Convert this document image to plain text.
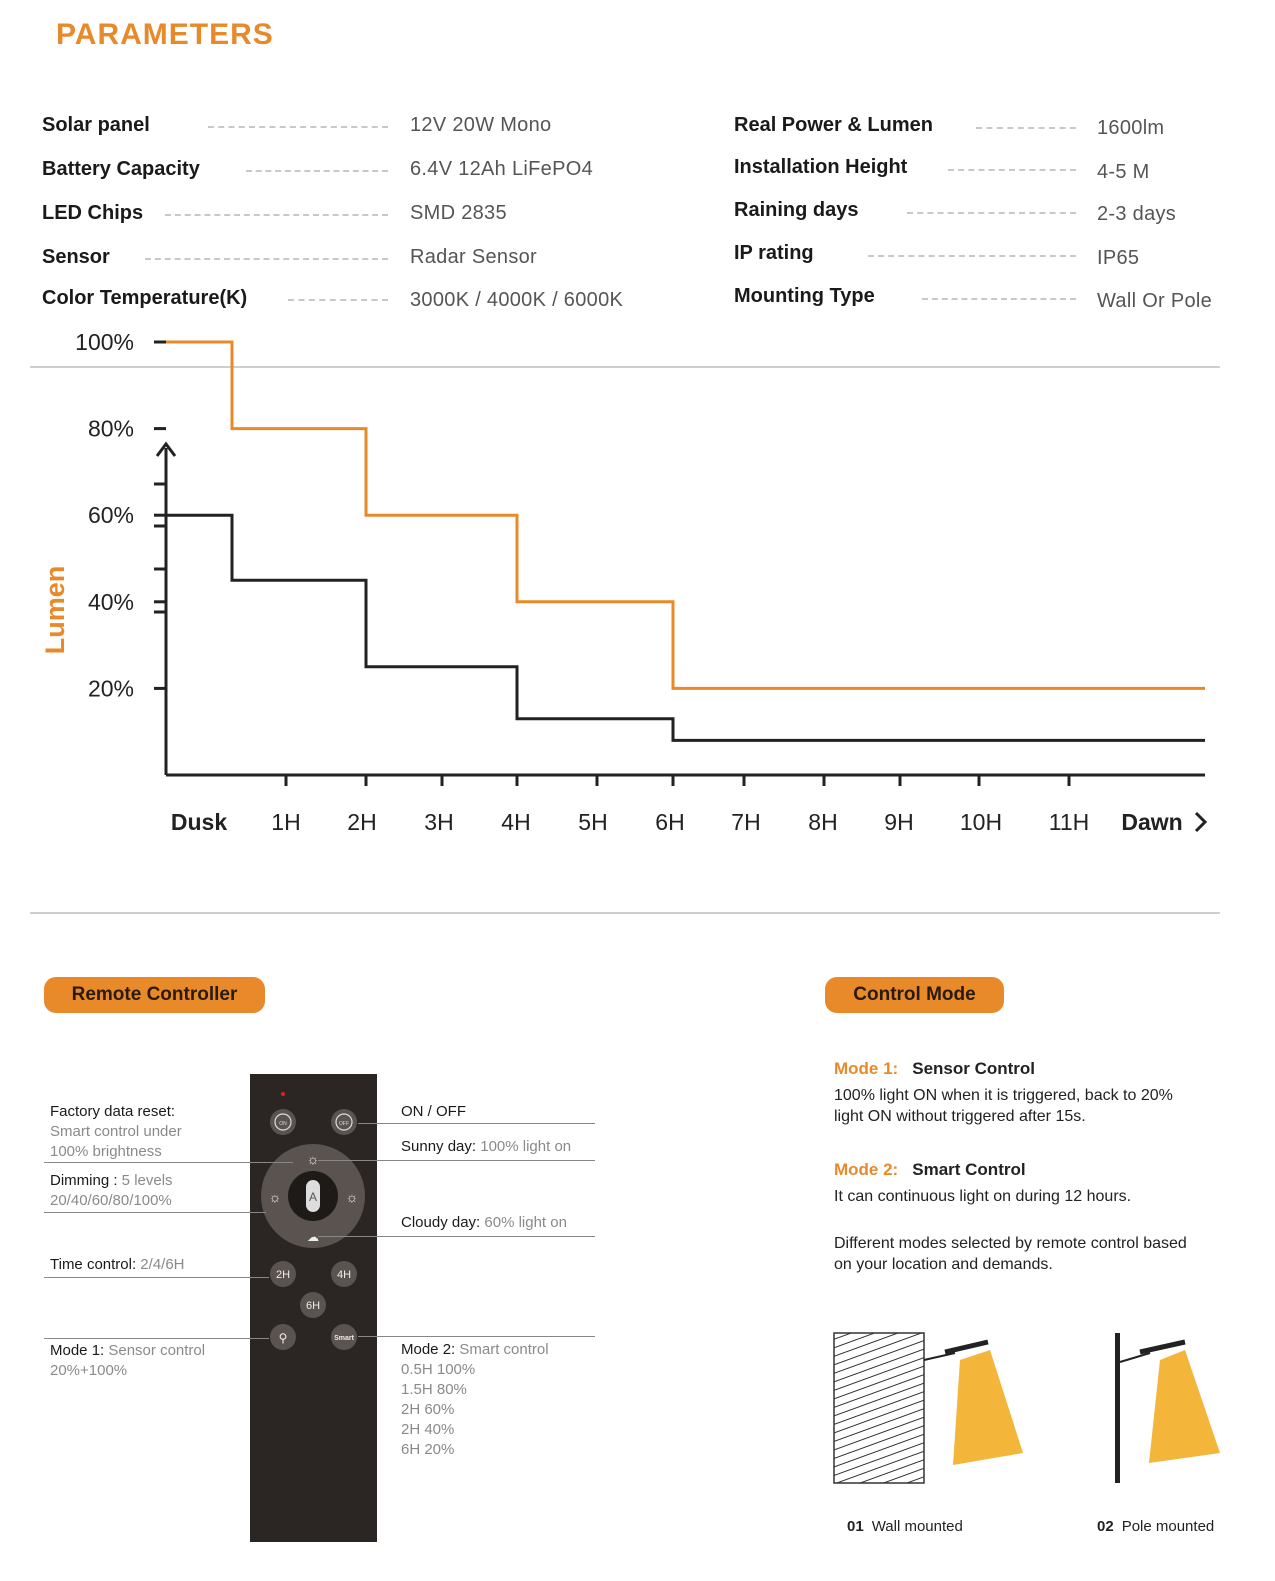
PARAMETERS
Solar panel	12V 20W Mono
Battery Capacity	6.4V 12Ah LiFePO4
LED Chips	SMD 2835
Sensor	Radar Sensor
Color Temperature(K)	3000K / 4000K / 6000K
Real Power & Lumen	1600lm
Installation Height	4-5 M
Raining days	2-3 days
IP rating	IP65
Mounting Type	Wall Or Pole
Lumen
100%
80%
60%
40%
20%
Dusk 1H 2H 3H 4H 5H 6H 7H 8H 9H 10H 11H Dawn
Remote Controller
ON	OFF
A
☼
☼	☼
☁
2H	4H
6H
⚲	Smart
Factory data reset:
Smart control under
100% brightness
Dimming : 5 levels
20/40/60/80/100%
Time control: 2/4/6H
Mode 1: Sensor control
20%+100%
ON / OFF
Sunny day: 100% light on
Cloudy day: 60% light on
Mode 2: Smart control
0.5H 100%
1.5H 80%
2H 60%
2H 40%
6H 20%
Control Mode
Mode 1: Sensor Control
100% light ON when it is triggered, back to 20% light ON without triggered after 15s.
Mode 2: Smart Control
It can continuous light on during 12 hours.
Different modes selected by remote control based on your location and demands.
01 Wall mounted	02 Pole mounted
